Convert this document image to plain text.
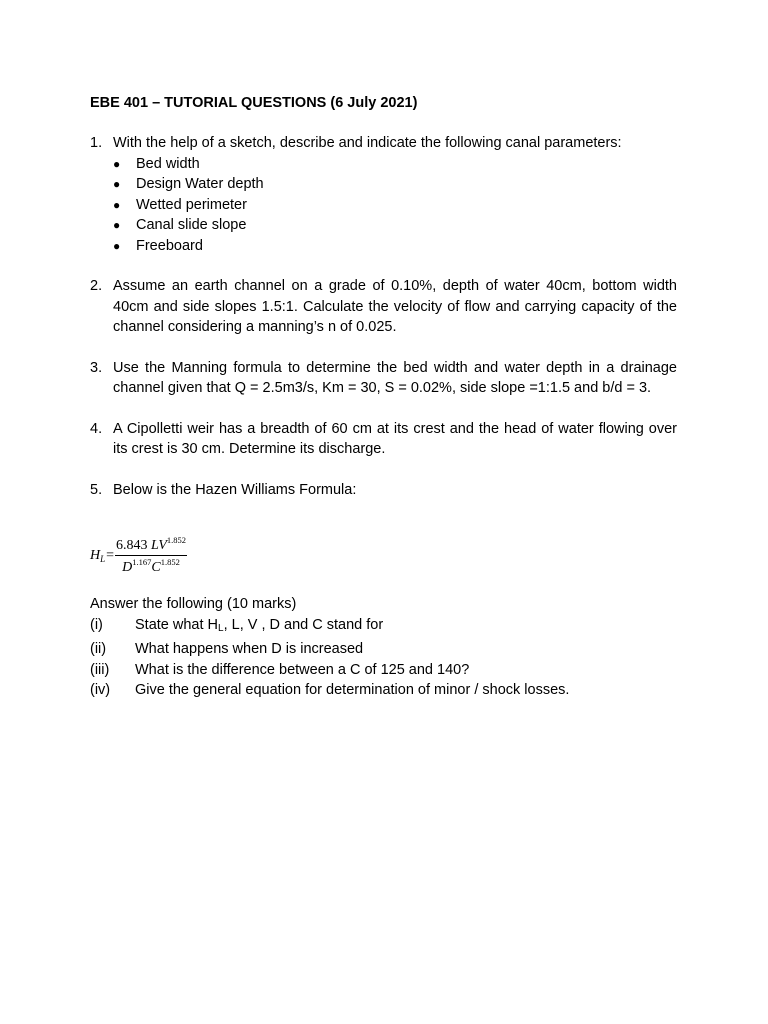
EBE 401 – TUTORIAL QUESTIONS (6 July 2021)
1. With the help of a sketch, describe and indicate the following canal parameters:
●	Bed width
●	Design Water depth
●	Wetted perimeter
●	Canal slide slope
●	Freeboard
2. Assume an earth channel on a grade of 0.10%, depth of water 40cm, bottom width 40cm and side slopes 1.5:1. Calculate the velocity of flow and carrying capacity of the channel considering a manning’s n of 0.025.
3. Use the Manning formula to determine the bed width and water depth in a drainage channel given that Q = 2.5m3/s, Km = 30, S = 0.02%, side slope =1:1.5 and b/d = 3.
4. A Cipolletti weir has a breadth of 60 cm at its crest and the head of water flowing over its crest is 30 cm. Determine its discharge.
5. Below is the Hazen Williams Formula:
$H_L = \frac{6.843 LV^{1.852}}{D^{1.167}C^{1.852}}$
Answer the following (10 marks)
(i)	State what HL, L, V , D and C stand for
(ii)	What happens when D is increased
(iii)	What is the difference between a C of 125 and 140?
(iv)	Give the general equation for determination of minor / shock losses.
